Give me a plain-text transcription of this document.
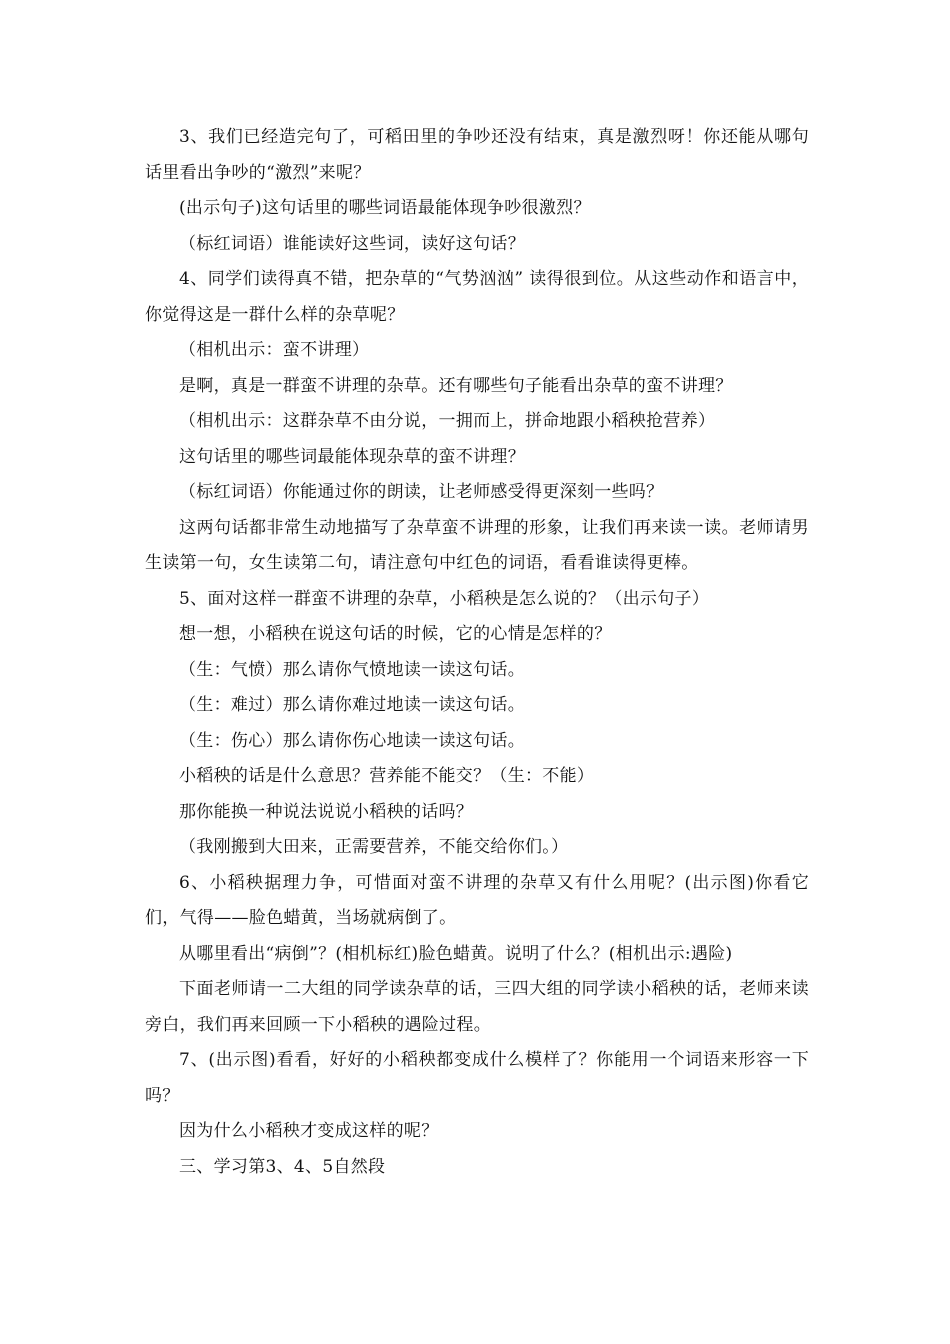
3、我们已经造完句了，可稻田里的争吵还没有结束，真是激烈呀！你还能从哪句话里看出争吵的“激烈”来呢？

(出示句子)这句话里的哪些词语最能体现争吵很激烈？

（标红词语）谁能读好这些词，读好这句话？

4、同学们读得真不错，把杂草的“气势汹汹” 读得很到位。从这些动作和语言中，你觉得这是一群什么样的杂草呢？

（相机出示：蛮不讲理）

是啊，真是一群蛮不讲理的杂草。还有哪些句子能看出杂草的蛮不讲理？

（相机出示：这群杂草不由分说，一拥而上，拼命地跟小稻秧抢营养）

这句话里的哪些词最能体现杂草的蛮不讲理？

（标红词语）你能通过你的朗读，让老师感受得更深刻一些吗？

这两句话都非常生动地描写了杂草蛮不讲理的形象，让我们再来读一读。老师请男生读第一句，女生读第二句，请注意句中红色的词语，看看谁读得更棒。

5、面对这样一群蛮不讲理的杂草，小稻秧是怎么说的？（出示句子）

想一想，小稻秧在说这句话的时候，它的心情是怎样的？

（生：气愤）那么请你气愤地读一读这句话。

（生：难过）那么请你难过地读一读这句话。

（生：伤心）那么请你伤心地读一读这句话。

小稻秧的话是什么意思？营养能不能交？（生：不能）

那你能换一种说法说说小稻秧的话吗？

（我刚搬到大田来，正需要营养，不能交给你们。）

6、小稻秧据理力争，可惜面对蛮不讲理的杂草又有什么用呢？(出示图)你看它们，气得——脸色蜡黄，当场就病倒了。

从哪里看出“病倒”？(相机标红)脸色蜡黄。说明了什么？(相机出示:遇险)

下面老师请一二大组的同学读杂草的话，三四大组的同学读小稻秧的话，老师来读旁白，我们再来回顾一下小稻秧的遇险过程。

7、(出示图)看看，好好的小稻秧都变成什么模样了？你能用一个词语来形容一下吗？

因为什么小稻秧才变成这样的呢？

三、学习第3、4、5自然段
